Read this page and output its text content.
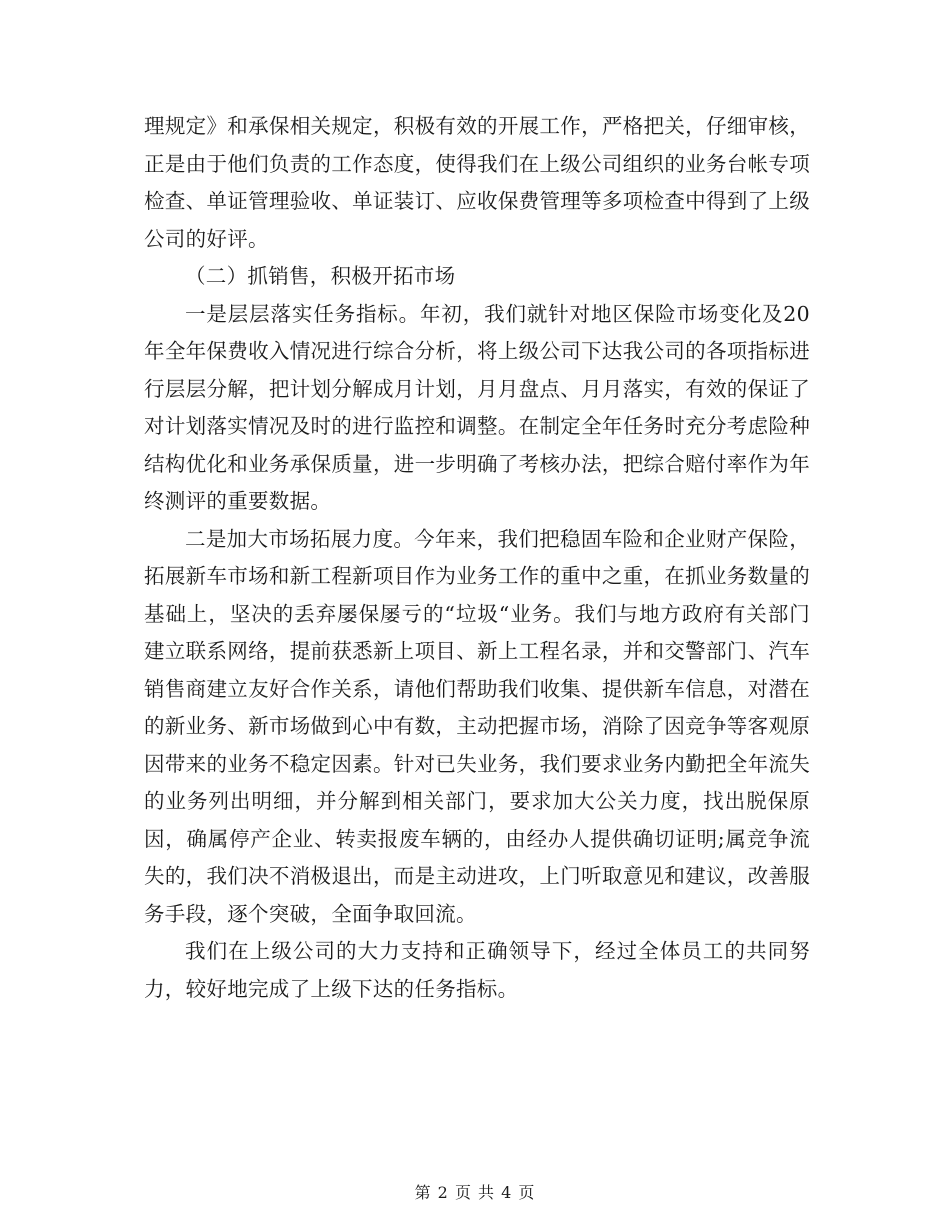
理规定》和承保相关规定，积极有效的开展工作，严格把关，仔细审核，正是由于他们负责的工作态度，使得我们在上级公司组织的业务台帐专项检查、单证管理验收、单证装订、应收保费管理等多项检查中得到了上级公司的好评。

（二）抓销售，积极开拓市场

一是层层落实任务指标。年初，我们就针对地区保险市场变化及20年全年保费收入情况进行综合分析，将上级公司下达我公司的各项指标进行层层分解，把计划分解成月计划，月月盘点、月月落实，有效的保证了对计划落实情况及时的进行监控和调整。在制定全年任务时充分考虑险种结构优化和业务承保质量，进一步明确了考核办法，把综合赔付率作为年终测评的重要数据。

二是加大市场拓展力度。今年来，我们把稳固车险和企业财产保险，拓展新车市场和新工程新项目作为业务工作的重中之重，在抓业务数量的基础上，坚决的丢弃屡保屡亏的“垃圾“业务。我们与地方政府有关部门建立联系网络，提前获悉新上项目、新上工程名录，并和交警部门、汽车销售商建立友好合作关系，请他们帮助我们收集、提供新车信息，对潜在的新业务、新市场做到心中有数，主动把握市场，消除了因竞争等客观原因带来的业务不稳定因素。针对已失业务，我们要求业务内勤把全年流失的业务列出明细，并分解到相关部门，要求加大公关力度，找出脱保原因，确属停产企业、转卖报废车辆的，由经办人提供确切证明;属竞争流失的，我们决不消极退出，而是主动进攻，上门听取意见和建议，改善服务手段，逐个突破，全面争取回流。

我们在上级公司的大力支持和正确领导下，经过全体员工的共同努力，较好地完成了上级下达的任务指标。

第 2 页 共 4 页
